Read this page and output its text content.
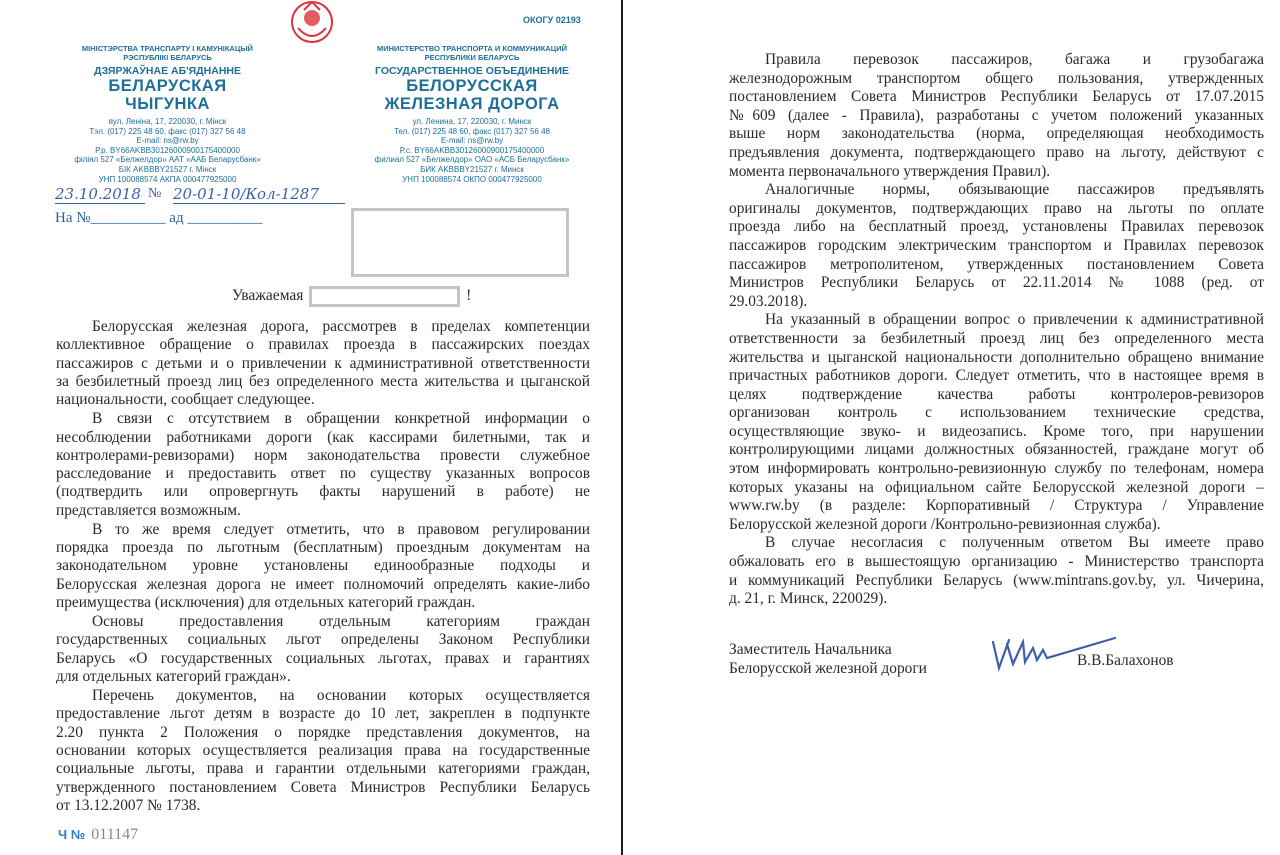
ОКОГУ 02193
МІНІСТЭРСТВА ТРАНСПАРТУ І КАМУНІКАЦЫЙ
РЭСПУБЛІКІ БЕЛАРУСЬ
ДЗЯРЖАЎНАЕ АБ'ЯДНАННЕ
БЕЛАРУСКАЯ
ЧЫГУНКА
вул. Леніна, 17, 220030, г. Мінск
Тэл. (017) 225 48 60, факс (017) 327 56 48
E-mail: ns@rw.by
Р.р. BY66AKBB30126000900175400000
філіял 527 «Белжелдор» ААТ «ААБ Беларусбанк»
БІК AKBBBY21527 г. Мінск
УНП 100088574 АКПА 000477925000
МИНИСТЕРСТВО ТРАНСПОРТА И КОММУНИКАЦИЙ
РЕСПУБЛИКИ БЕЛАРУСЬ
ГОСУДАРСТВЕННОЕ ОБЪЕДИНЕНИЕ
БЕЛОРУССКАЯ
ЖЕЛЕЗНАЯ ДОРОГА
ул. Ленина, 17, 220030, г. Минск
Тел. (017) 225 48 60, факс (017) 327 56 48
E-mail: ns@rw.by
Р.с. BY66AKBB30126000900175400000
филиал 527 «Белжелдор» ОАО «АСБ Беларусбанк»
БИК AKBBBY21527 г. Минск
УНП 100088574 ОКПО 000477925000
23.10.2018 № 20-01-10/Кол-1287
На №__________ ад __________
Уважаемая	!

Белорусская железная дорога, рассмотрев в пределах компетенции
коллективное обращение о правилах проезда в пассажирских поездах
пассажиров с детьми и о привлечении к административной ответственности
за безбилетный проезд лиц без определенного места жительства и цыганской
национальности, сообщает следующее.

В связи с отсутствием в обращении конкретной информации о
несоблюдении работниками дороги (как кассирами билетными, так и
контролерами-ревизорами) норм законодательства провести служебное
расследование и предоставить ответ по существу указанных вопросов
(подтвердить или опровергнуть факты нарушений в работе) не
представляется возможным.

В то же время следует отметить, что в правовом регулировании
порядка проезда по льготным (бесплатным) проездным документам на
законодательном уровне установлены единообразные подходы и
Белорусская железная дорога не имеет полномочий определять какие-либо
преимущества (исключения) для отдельных категорий граждан.

Основы предоставления отдельным категориям граждан
государственных социальных льгот определены Законом Республики
Беларусь «О государственных социальных льготах, правах и гарантиях
для отдельных категорий граждан».

Перечень документов, на основании которых осуществляется
предоставление льгот детям в возрасте до 10 лет, закреплен в подпункте
2.20 пункта 2 Положения о порядке представления документов, на
основании которых осуществляется реализация права на государственные
социальные льготы, права и гарантии отдельными категориями граждан,
утвержденного постановлением Совета Министров Республики Беларусь
от 13.12.2007 № 1738.

Ч № 011147

Правила перевозок пассажиров, багажа и грузобагажа
железнодорожным транспортом общего пользования, утвержденных
постановлением Совета Министров Республики Беларусь от 17.07.2015
№609 (далее - Правила), разработаны с учетом положений указанных
выше норм законодательства (норма, определяющая необходимость
предъявления документа, подтверждающего право на льготу, действуют с
момента первоначального утверждения Правил).

Аналогичные нормы, обязывающие пассажиров предъявлять
оригиналы документов, подтверждающих право на льготы по оплате
проезда либо на бесплатный проезд, установлены Правилах перевозок
пассажиров городским электрическим транспортом и Правилах перевозок
пассажиров метрополитеном, утвержденных постановлением Совета
Министров Республики Беларусь от 22.11.2014 № 1088 (ред. от
29.03.2018).

На указанный в обращении вопрос о привлечении к административной
ответственности за безбилетный проезд лиц без определенного места
жительства и цыганской национальности дополнительно обращено внимание
причастных работников дороги. Следует отметить, что в настоящее время в
целях подтверждение качества работы контролеров-ревизоров
организован контроль с использованием технические средства,
осуществляющие звуко- и видеозапись. Кроме того, при нарушении
контролирующими лицами должностных обязанностей, граждане могут об
этом информировать контрольно-ревизионную службу по телефонам, номера
которых указаны на официальном сайте Белорусской железной дороги –
www.rw.by (в разделе: Корпоративный / Структура / Управление
Белорусской железной дороги /Контрольно-ревизионная служба).

В случае несогласия с полученным ответом Вы имеете право
обжаловать его в вышестоящую организацию - Министерство транспорта
и коммуникаций Республики Беларусь (www.mintrans.gov.by, ул. Чичерина,
д. 21, г. Минск, 220029).

Заместитель Начальника
Белорусской железной дороги	В.В.Балахонов
